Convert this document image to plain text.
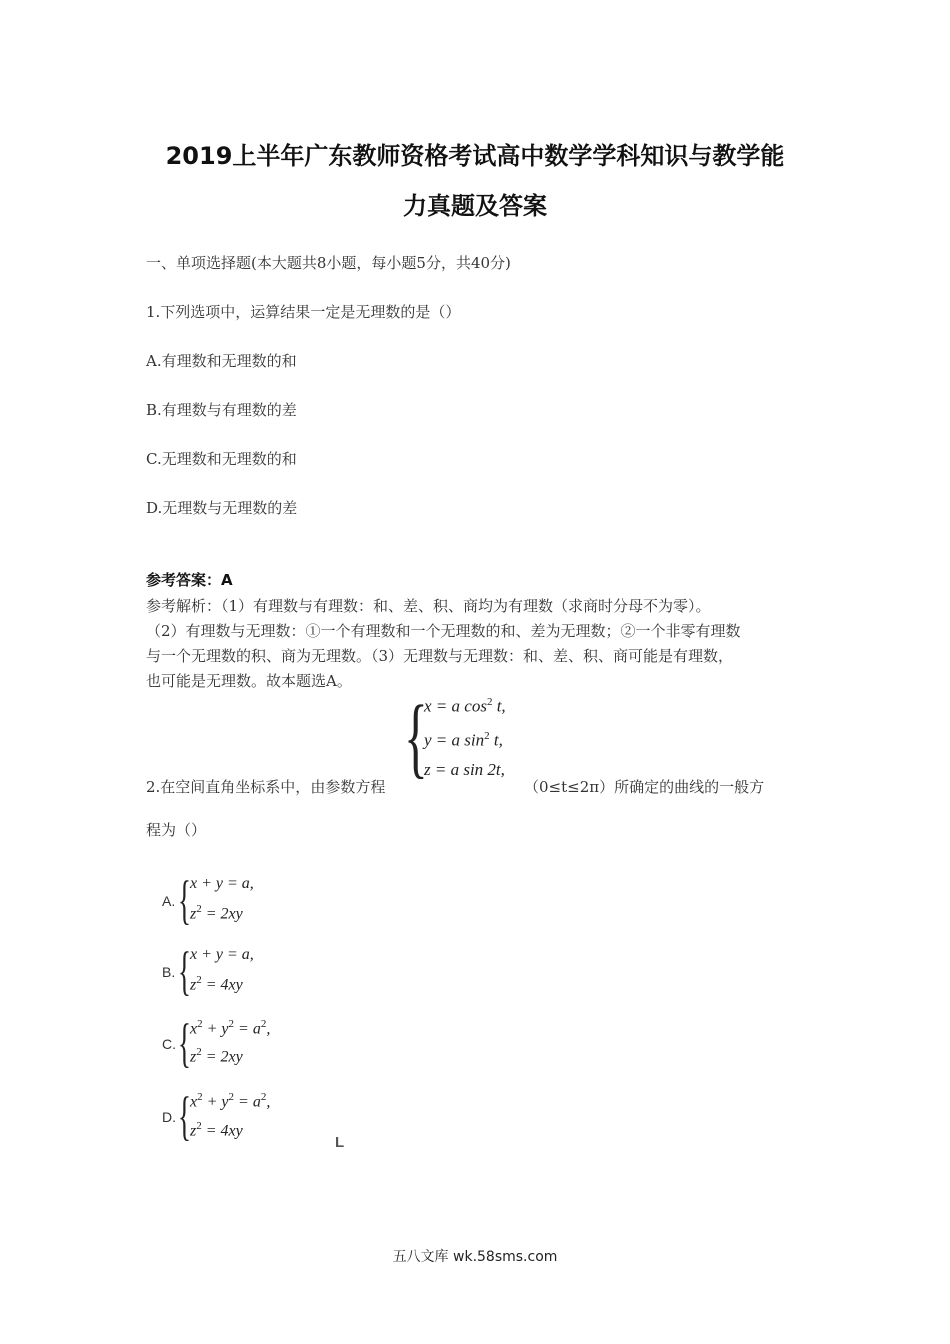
2019上半年广东教师资格考试高中数学学科知识与教学能
力真题及答案
一、单项选择题(本大题共8小题，每小题5分，共40分)
1.下列选项中，运算结果一定是无理数的是（）
A.有理数和无理数的和
B.有理数与有理数的差
C.无理数和无理数的和
D.无理数与无理数的差
参考答案：A
参考解析：（1）有理数与有理数：和、差、积、商均为有理数（求商时分母不为零）。
（2）有理数与无理数：①一个有理数和一个无理数的和、差为无理数；②一个非零有理数
与一个无理数的积、商为无理数。（3）无理数与无理数：和、差、积、商可能是有理数，
也可能是无理数。故本题选A。
{
x = a $\cos^2 t$,
y = a $\sin^2 t$,
z = a sin 2t,
2.在空间直角坐标系中，由参数方程	（0≤t≤2π）所确定的曲线的一般方
程为（）
A. { x + y = a,
$z^2 = 2xy$
B. { x + y = a,
$z^2 = 4xy$
C. { $x^2 + y^2 = a^2$,
$z^2 = 2xy$
D. { $x^2 + y^2 = a^2$,
$z^2 = 4xy$
L
五八文库 wk.58sms.com
